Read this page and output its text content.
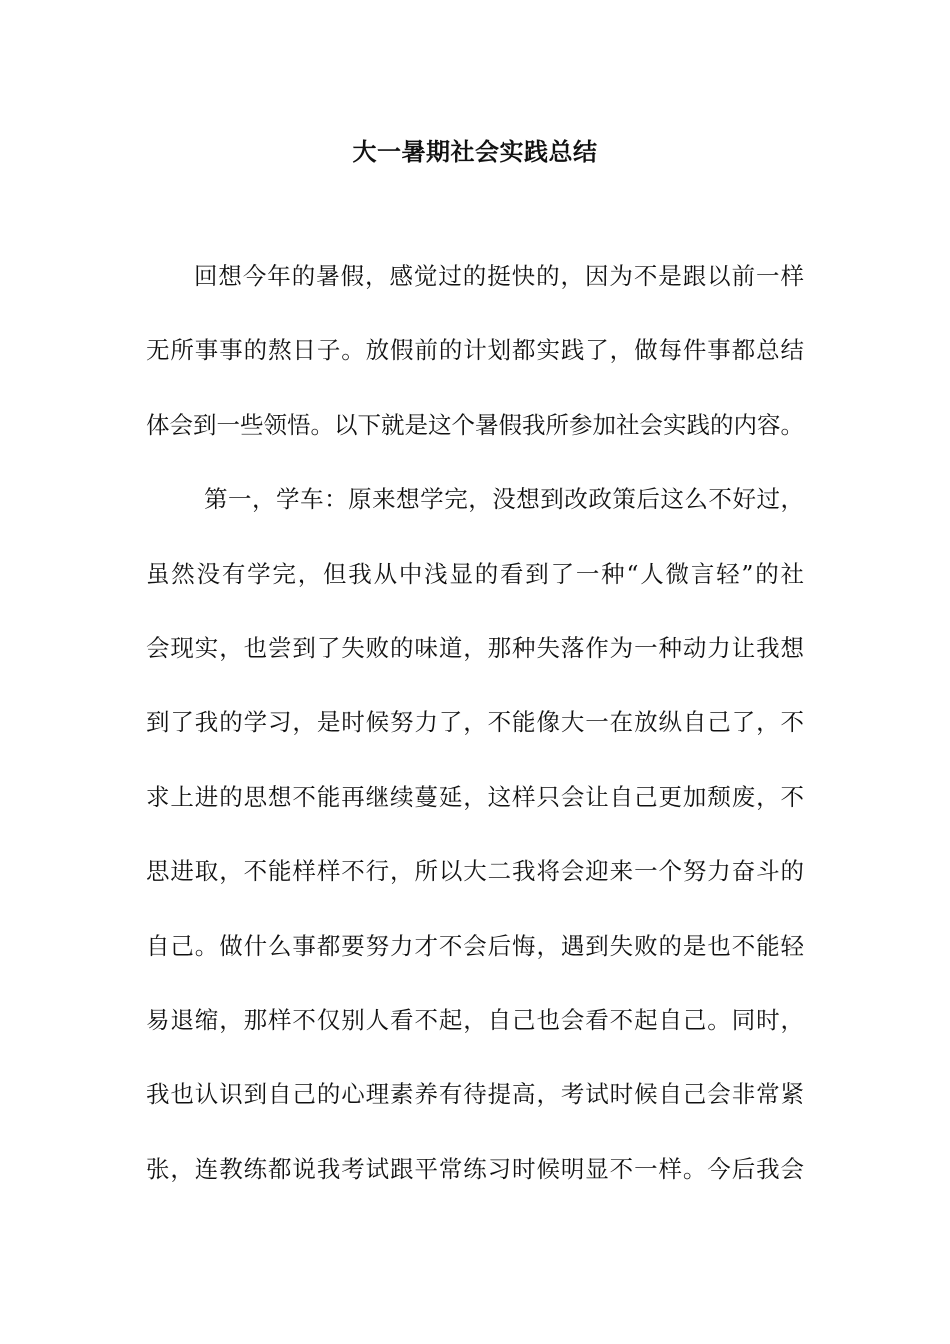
大一暑期社会实践总结
回想今年的暑假，感觉过的挺快的，因为不是跟以前一样
无所事事的熬日子。放假前的计划都实践了，做每件事都总结
体会到一些领悟。以下就是这个暑假我所参加社会实践的内容。
第一，学车：原来想学完，没想到改政策后这么不好过，
虽然没有学完，但我从中浅显的看到了一种“人微言轻”的社
会现实，也尝到了失败的味道，那种失落作为一种动力让我想
到了我的学习，是时候努力了，不能像大一在放纵自己了，不
求上进的思想不能再继续蔓延，这样只会让自己更加颓废，不
思进取，不能样样不行，所以大二我将会迎来一个努力奋斗的
自己。做什么事都要努力才不会后悔，遇到失败的是也不能轻
易退缩，那样不仅别人看不起，自己也会看不起自己。同时，
我也认识到自己的心理素养有待提高，考试时候自己会非常紧
张，连教练都说我考试跟平常练习时候明显不一样。今后我会
